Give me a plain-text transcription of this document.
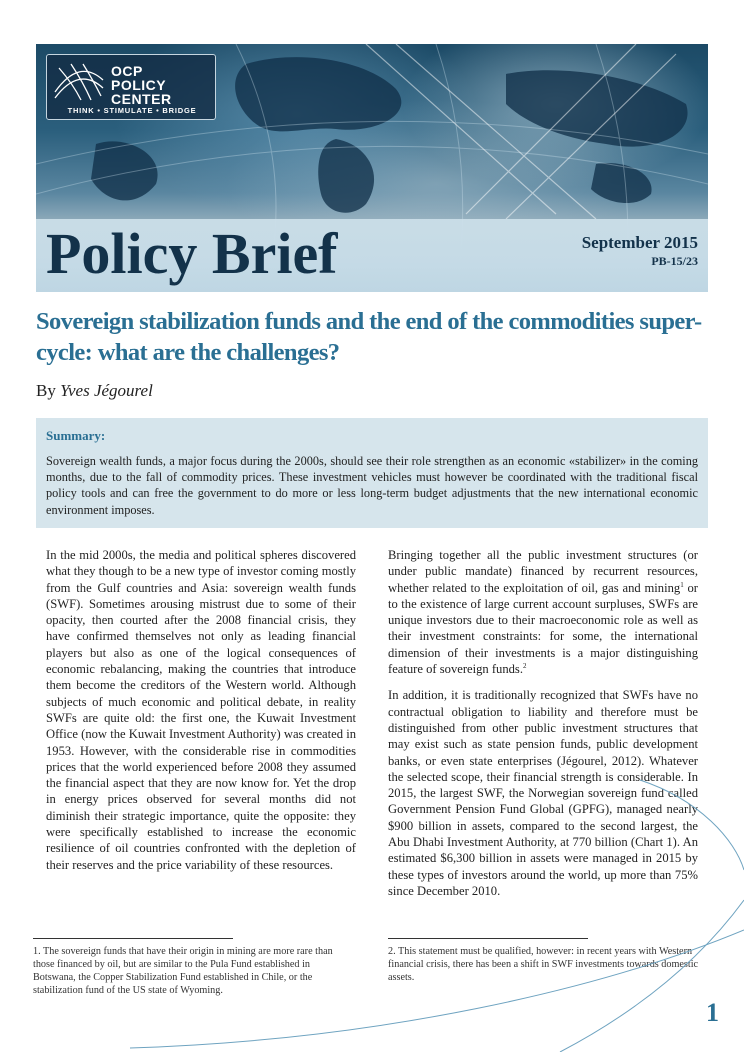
OCP
POLICY
CENTER
THINK • STIMULATE • BRIDGE
Policy Brief	September 2015
PB-15/23
Sovereign stabilization funds and the end of the commodities super-cycle: what are the challenges?
By Yves Jégourel
Summary:
Sovereign wealth funds, a major focus during the 2000s, should see their role strengthen as an economic «stabilizer» in the coming months, due to the fall of commodity prices. These investment vehicles must however be coordinated with the traditional fiscal policy tools and can free the government to do more or less long-term budget adjustments that the new international economic environment imposes.

In the mid 2000s, the media and political spheres discovered what they though to be a new type of investor coming mostly from the Gulf countries and Asia: sovereign wealth funds (SWF). Sometimes arousing mistrust due to some of their opacity, then courted after the 2008 financial crisis, they have confirmed themselves not only as leading financial players but also as one of the logical consequences of economic rebalancing, making the countries that introduce them become the creditors of the Western world. Although subjects of much economic and political debate, in reality SWFs are quite old: the first one, the Kuwait Investment Office (now the Kuwait Investment Authority) was created in 1953. However, with the considerable rise in commodities prices that the world experienced before 2008 they assumed the financial aspect that they are now know for. Yet the drop in energy prices observed for several months did not diminish their strategic importance, quite the opposite: they were specifically established to increase the economic resilience of oil countries confronted with the depletion of their reserves and the price variability of these resources.

Bringing together all the public investment structures (or under public mandate) financed by recurrent resources, whether related to the exploitation of oil, gas and mining$^1$ or to the existence of large current account surpluses, SWFs are unique investors due to their macroeconomic role as well as their investment constraints: for some, the international dimension of their investments is a major distinguishing feature of sovereign funds.$^2$

In addition, it is traditionally recognized that SWFs have no contractual obligation to liability and therefore must be distinguished from other public investment structures that may exist such as state pension funds, public development banks, or even state enterprises (Jégourel, 2012). Whatever the selected scope, their financial strength is considerable. In 2015, the largest SWF, the Norwegian sovereign fund called Government Pension Fund Global (GPFG), managed nearly $900 billion in assets, compared to the second largest, the Abu Dhabi Investment Authority, at 770 billion (Chart 1). An estimated $6,300 billion in assets were managed in 2015 by these types of investors around the world, up more than 75% since December 2010.

1. The sovereign funds that have their origin in mining are more rare than those financed by oil, but are similar to the Pula Fund established in Botswana, the Copper Stabilization Fund established in Chile, or the stabilization fund of the US state of Wyoming.
2. This statement must be qualified, however: in recent years with Western financial crisis, there has been a shift in SWF investments towards domestic assets.
1
